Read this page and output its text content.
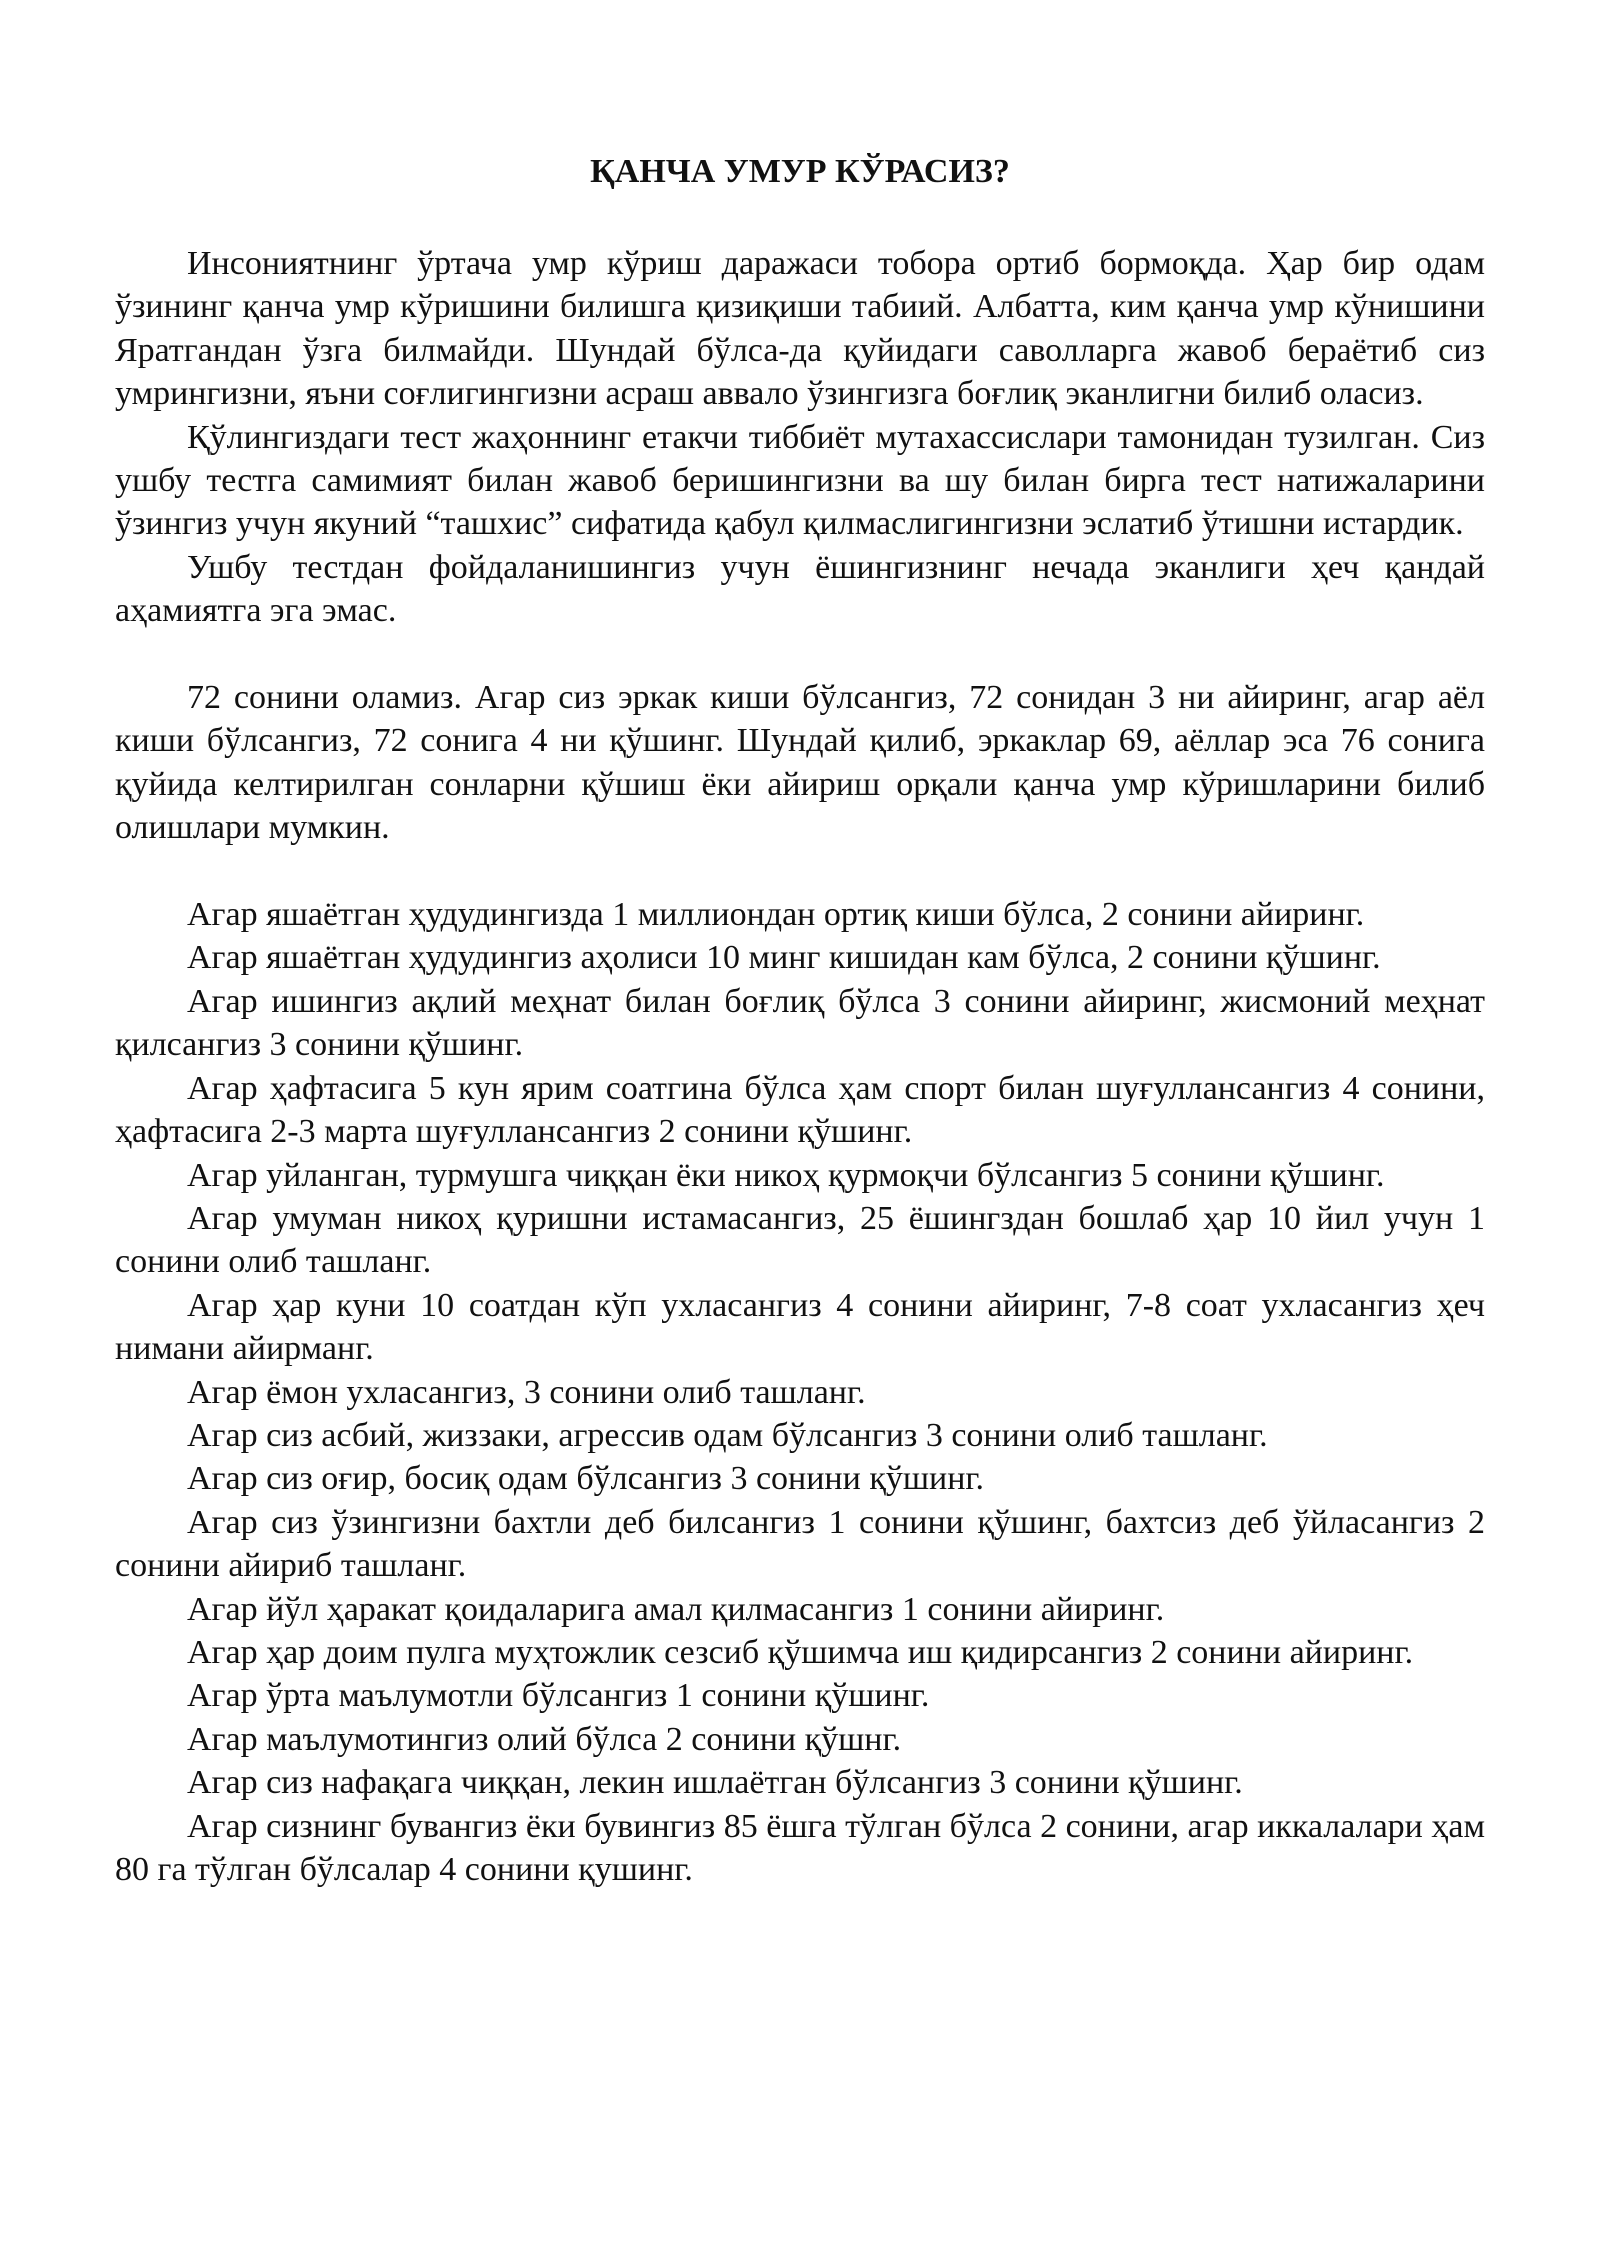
ҚАНЧА УМУР КЎРАСИЗ?

Инсониятнинг ўртача умр кўриш даражаси тобора ортиб бормоқда. Ҳар бир одам ўзининг қанча умр кўришини билишга қизиқиши табиий. Албатта, ким қанча умр кўнишини Яратгандан ўзга билмайди. Шундай бўлса-да қуйидаги саволларга жавоб бераётиб сиз умрингизни, яъни соғлигингизни асраш аввало ўзингизга боғлиқ эканлигни билиб оласиз.

Қўлингиздаги тест жаҳоннинг етакчи тиббиёт мутахассислари тамонидан тузилган. Сиз ушбу тестга самимият билан жавоб беришингизни ва шу билан бирга тест натижаларини ўзингиз учун якуний “ташхис” сифатида қабул қилмаслигингизни эслатиб ўтишни истардик.

Ушбу тестдан фойдаланишингиз учун ёшингизнинг нечада эканлиги ҳеч қандай аҳамиятга эга эмас.

72 сонини оламиз. Агар сиз эркак киши бўлсангиз, 72 сонидан 3 ни айиринг, агар аёл киши бўлсангиз, 72 сонига 4 ни қўшинг. Шундай қилиб, эркаклар 69, аёллар эса 76 сонига қуйида келтирилган сонларни қўшиш ёки айириш орқали қанча умр кўришларини билиб олишлари мумкин.

Агар яшаётган ҳудудингизда 1 миллиондан ортиқ киши бўлса, 2 сонини айиринг.

Агар яшаётган ҳудудингиз аҳолиси 10 минг кишидан кам бўлса, 2 сонини қўшинг.

Агар ишингиз ақлий меҳнат билан боғлиқ бўлса 3 сонини айиринг, жисмоний меҳнат қилсангиз 3 сонини қўшинг.

Агар ҳафтасига 5 кун ярим соатгина бўлса ҳам спорт билан шуғуллансангиз 4 сонини, ҳафтасига 2-3 марта шуғуллансангиз 2 сонини қўшинг.

Агар уйланган, турмушга чиққан ёки никоҳ қурмоқчи бўлсангиз 5 сонини қўшинг.

Агар умуман никоҳ қуришни истамасангиз, 25 ёшингздан бошлаб ҳар 10 йил учун 1 сонини олиб ташланг.

Агар ҳар куни 10 соатдан кўп ухласангиз 4 сонини айиринг, 7-8 соат ухласангиз ҳеч нимани айирманг.

Агар ёмон ухласангиз, 3 сонини олиб ташланг.

Агар сиз асбий, жиззаки, агрессив одам бўлсангиз 3 сонини олиб ташланг.

Агар сиз оғир, босиқ одам бўлсангиз 3 сонини қўшинг.

Агар сиз ўзингизни бахтли деб билсангиз 1 сонини қўшинг, бахтсиз деб ўйласангиз 2 сонини айириб ташланг.

Агар йўл ҳаракат қоидаларига амал қилмасангиз 1 сонини айиринг.

Агар ҳар доим пулга муҳтожлик сезсиб қўшимча иш қидирсангиз 2 сонини айиринг.

Агар ўрта маълумотли бўлсангиз 1 сонини қўшинг.

Агар маълумотингиз олий бўлса 2 сонини қўшнг.

Агар сиз нафақага чиққан, лекин ишлаётган бўлсангиз 3 сонини қўшинг.

Агар сизнинг бувангиз ёки бувингиз 85 ёшга тўлган бўлса 2 сонини, агар иккалалари ҳам 80 га тўлган бўлсалар 4 сонини қушинг.
